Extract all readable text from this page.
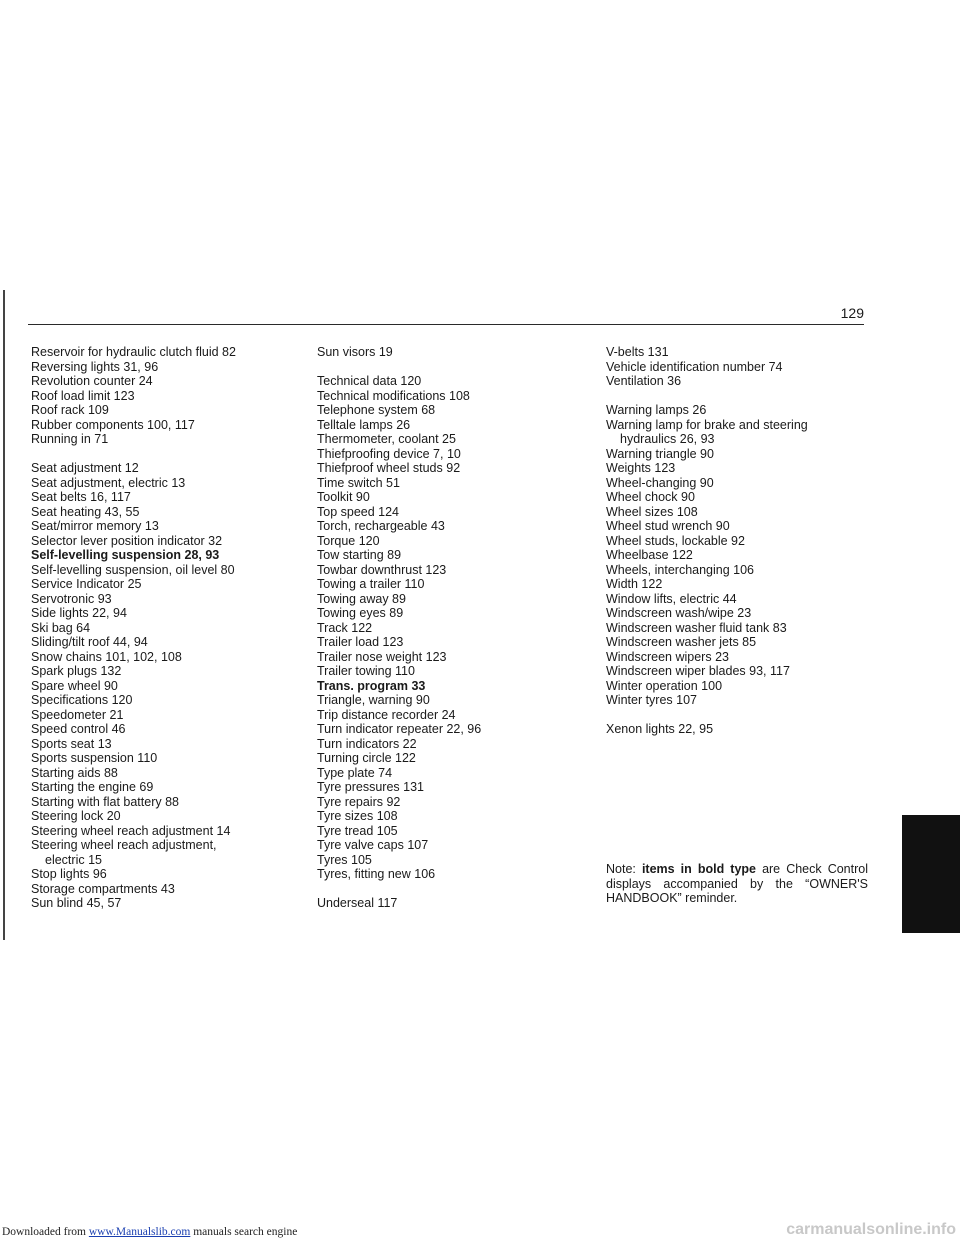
129
Reservoir for hydraulic clutch fluid 82
Reversing lights 31, 96
Revolution counter 24
Roof load limit 123
Roof rack 109
Rubber components 100, 117
Running in 71
Seat adjustment 12
Seat adjustment, electric 13
Seat belts 16, 117
Seat heating 43, 55
Seat/mirror memory 13
Selector lever position indicator 32
Self-levelling suspension 28, 93
Self-levelling suspension, oil level 80
Service Indicator 25
Servotronic 93
Side lights 22, 94
Ski bag 64
Sliding/tilt roof 44, 94
Snow chains 101, 102, 108
Spark plugs 132
Spare wheel 90
Specifications 120
Speedometer 21
Speed control 46
Sports seat 13
Sports suspension 110
Starting aids 88
Starting the engine 69
Starting with flat battery 88
Steering lock 20
Steering wheel reach adjustment 14
Steering wheel reach adjustment,
electric 15
Stop lights 96
Storage compartments 43
Sun blind 45, 57
Sun visors 19
Technical data 120
Technical modifications 108
Telephone system 68
Telltale lamps 26
Thermometer, coolant 25
Thiefproofing device 7, 10
Thiefproof wheel studs 92
Time switch 51
Toolkit 90
Top speed 124
Torch, rechargeable 43
Torque 120
Tow starting 89
Towbar downthrust 123
Towing a trailer 110
Towing away 89
Towing eyes 89
Track 122
Trailer load 123
Trailer nose weight 123
Trailer towing 110
Trans. program 33
Triangle, warning 90
Trip distance recorder 24
Turn indicator repeater 22, 96
Turn indicators 22
Turning circle 122
Type plate 74
Tyre pressures 131
Tyre repairs 92
Tyre sizes 108
Tyre tread 105
Tyre valve caps 107
Tyres 105
Tyres, fitting new 106
Underseal 117
V-belts 131
Vehicle identification number 74
Ventilation 36
Warning lamps 26
Warning lamp for brake and steering
hydraulics 26, 93
Warning triangle 90
Weights 123
Wheel-changing 90
Wheel chock 90
Wheel sizes 108
Wheel stud wrench 90
Wheel studs, lockable 92
Wheelbase 122
Wheels, interchanging 106
Width 122
Window lifts, electric 44
Windscreen wash/wipe 23
Windscreen washer fluid tank 83
Windscreen washer jets 85
Windscreen wipers 23
Windscreen wiper blades 93, 117
Winter operation 100
Winter tyres 107
Xenon lights 22, 95
Note: items in bold type are Check Control displays accompanied by the “OWNER'S HANDBOOK” reminder.
Downloaded from www.Manualslib.com manuals search engine	carmanualsonline.info
